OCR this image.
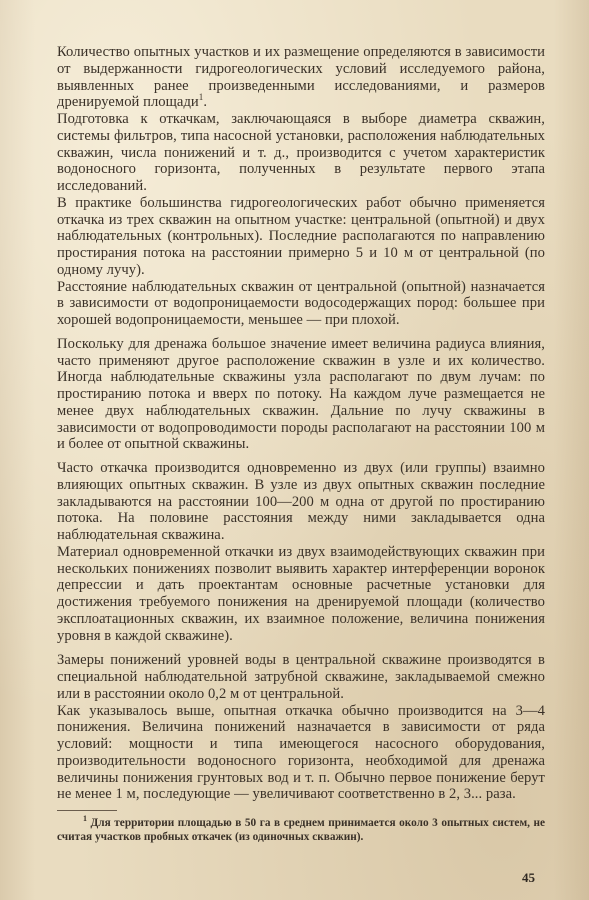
Количество опытных участков и их размещение определяются в зависимости от выдержанности гидрогеологических условий исследуемого района, выявленных ранее произведенными исследованиями, и размеров дренируемой площади$^1$.

Подготовка к откачкам, заключающаяся в выборе диаметра скважин, системы фильтров, типа насосной установки, расположения наблюдательных скважин, числа понижений и т. д., производится с учетом характеристик водоносного горизонта, полученных в результате первого этапа исследований.

В практике большинства гидрогеологических работ обычно применяется откачка из трех скважин на опытном участке: центральной (опытной) и двух наблюдательных (контрольных). Последние располагаются по направлению простирания потока на расстоянии примерно 5 и 10 м от центральной (по одному лучу).

Расстояние наблюдательных скважин от центральной (опытной) назначается в зависимости от водопроницаемости водосодержащих пород: большее при хорошей водопроницаемости, меньшее — при плохой.

Поскольку для дренажа большое значение имеет величина радиуса влияния, часто применяют другое расположение скважин в узле и их количество. Иногда наблюдательные скважины узла располагают по двум лучам: по простиранию потока и вверх по потоку. На каждом луче размещается не менее двух наблюдательных скважин. Дальние по лучу скважины в зависимости от водопроводимости породы располагают на расстоянии 100 м и более от опытной скважины.

Часто откачка производится одновременно из двух (или группы) взаимно влияющих опытных скважин. В узле из двух опытных скважин последние закладываются на расстоянии 100—200 м одна от другой по простиранию потока. На половине расстояния между ними закладывается одна наблюдательная скважина.

Материал одновременной откачки из двух взаимодействующих скважин при нескольких понижениях позволит выявить характер интерференции воронок депрессии и дать проектантам основные расчетные установки для достижения требуемого понижения на дренируемой площади (количество эксплоатационных скважин, их взаимное положение, величина понижения уровня в каждой скважине).

Замеры понижений уровней воды в центральной скважине производятся в специальной наблюдательной затрубной скважине, закладываемой смежно или в расстоянии около 0,2 м от центральной.

Как указывалось выше, опытная откачка обычно производится на 3—4 понижения. Величина понижений назначается в зависимости от ряда условий: мощности и типа имеющегося насосного оборудования, производительности водоносного горизонта, необходимой для дренажа величины понижения грунтовых вод и т. п. Обычно первое понижение берут не менее 1 м, последующие — увеличивают соответственно в 2, 3... раза.

$^1$ Для территории площадью в 50 га в среднем принимается около 3 опытных систем, не считая участков пробных откачек (из одиночных скважин).

45
